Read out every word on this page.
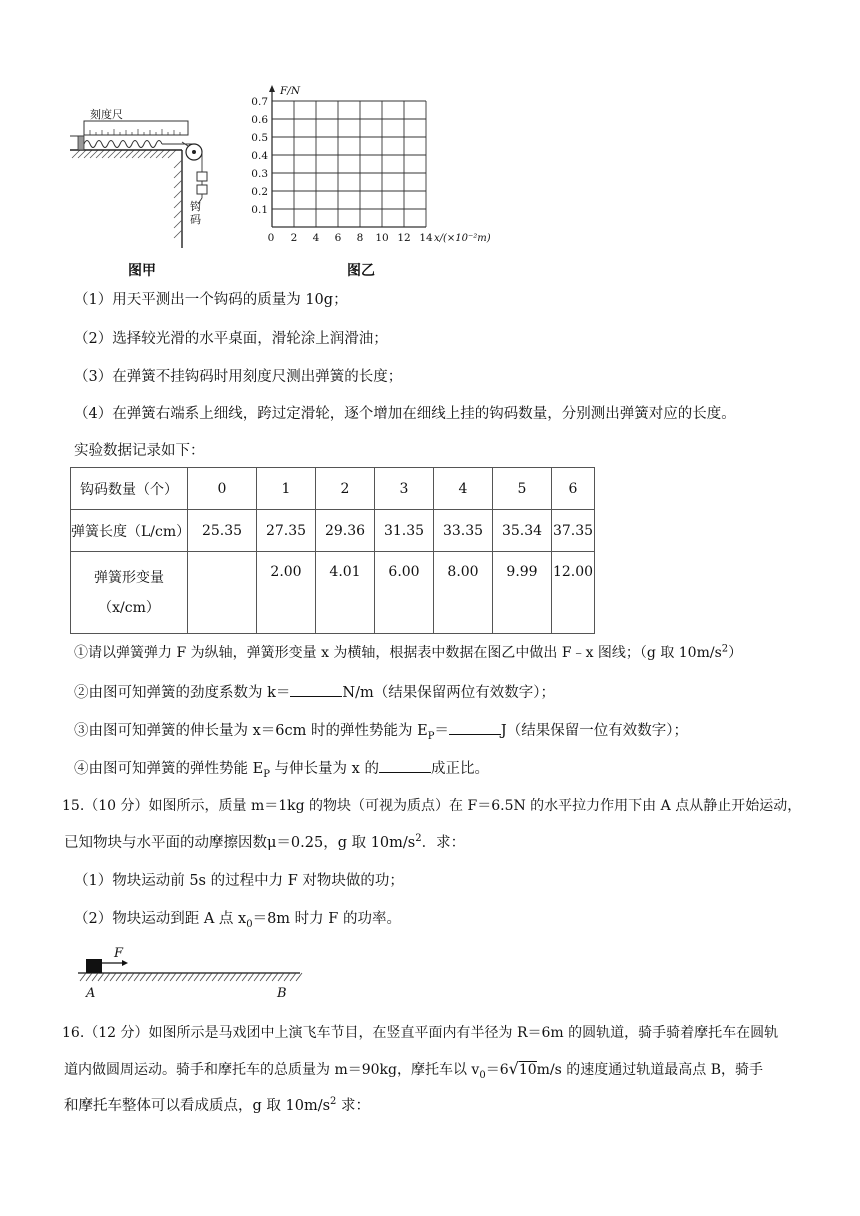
刻度尺
钩码
图甲
0.1
0.2
0.3
0.4
0.5
0.6
0.7
0 2 4 6 8 10 12 14 x/(×10⁻²m)
F/N
图乙
（1）用天平测出一个钩码的质量为 10g；
（2）选择较光滑的水平桌面，滑轮涂上润滑油；
（3）在弹簧不挂钩码时用刻度尺测出弹簧的长度；
（4）在弹簧右端系上细线，跨过定滑轮，逐个增加在细线上挂的钩码数量，分别测出弹簧对应的长度。
实验数据记录如下：
钩码数量（个）	0	1	2	3	4	5	6
弹簧长度（L/cm）	25.35	27.35	29.36	31.35	33.35	35.34	37.35

弹簧形变量
（x/cm）		2.00	4.01	6.00	8.00	9.99	12.00
①请以弹簧弹力 F 为纵轴，弹簧形变量 x 为横轴，根据表中数据在图乙中做出 F﹣x 图线；（g 取 $10m/s^2$）
②由图可知弹簧的劲度系数为 k＝	N/m（结果保留两位有效数字）；
③由图可知弹簧的伸长量为 x＝6cm 时的弹性势能为 $E_P=$	J（结果保留一位有效数字）；
④由图可知弹簧的弹性势能 $E_P$ 与伸长量为 x 的	成正比。
15.（10 分）如图所示，质量 m＝1kg 的物块（可视为质点）在 F＝6.5N 的水平拉力作用下由 A 点从静止开始运动，
已知物块与水平面的动摩擦因数μ＝0.25，g 取 $10m/s^2$．求：
（1）物块运动前 5s 的过程中力 F 对物块做的功；
（2）物块运动到距 A 点 $x_0=8m$ 时力 F 的功率。
F
A	B
16.（12 分）如图所示是马戏团中上演飞车节目，在竖直平面内有半径为 R＝6m 的圆轨道，骑手骑着摩托车在圆轨
道内做圆周运动。骑手和摩托车的总质量为 m＝90kg，摩托车以 $v_0=6√10m/s$ 的速度通过轨道最高点 B，骑手
和摩托车整体可以看成质点，g 取 $10m/s^2$ 求：
